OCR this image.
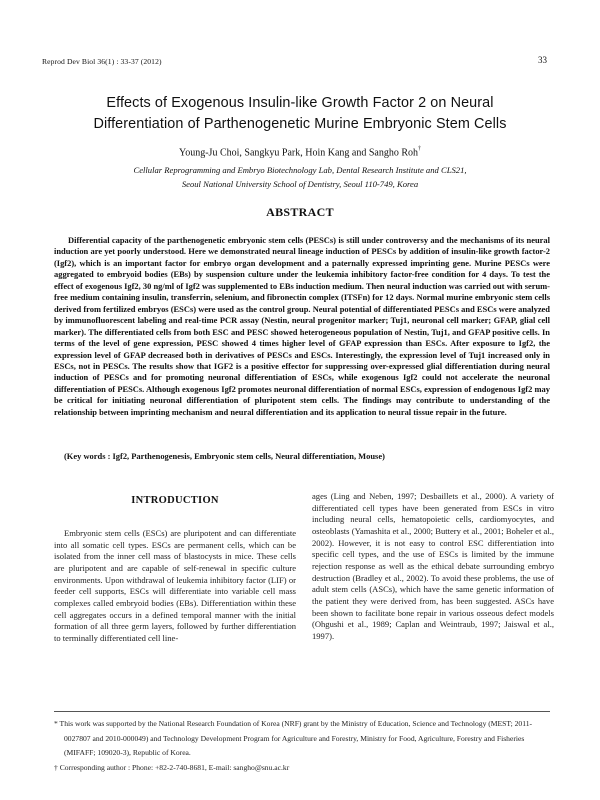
Reprod Dev Biol 36(1) : 33-37 (2012)	33
Effects of Exogenous Insulin-like Growth Factor 2 on Neural
Differentiation of Parthenogenetic Murine Embryonic Stem Cells
Young-Ju Choi, Sangkyu Park, Hoin Kang and Sangho Roh†
Cellular Reprogramming and Embryo Biotechnology Lab, Dental Research Institute and CLS21,
Seoul National University School of Dentistry, Seoul 110-749, Korea
ABSTRACT
Differential capacity of the parthenogenetic embryonic stem cells (PESCs) is still under controversy and the mechanisms of its neural induction are yet poorly understood. Here we demonstrated neural lineage induction of PESCs by addition of insulin-like growth factor-2 (Igf2), which is an important factor for embryo organ development and a paternally expressed imprinting gene. Murine PESCs were aggregated to embryoid bodies (EBs) by suspension culture under the leukemia inhibitory factor-free condition for 4 days. To test the effect of exogenous Igf2, 30 ng/ml of Igf2 was supplemented to EBs induction medium. Then neural induction was carried out with serum-free medium containing insulin, transferrin, selenium, and fibronectin complex (ITSFn) for 12 days. Normal murine embryonic stem cells derived from fertilized embryos (ESCs) were used as the control group. Neural potential of differentiated PESCs and ESCs were analyzed by immunofluorescent labeling and real-time PCR assay (Nestin, neural progenitor marker; Tuj1, neuronal cell marker; GFAP, glial cell marker). The differentiated cells from both ESC and PESC showed heterogeneous population of Nestin, Tuj1, and GFAP positive cells. In terms of the level of gene expression, PESC showed 4 times higher level of GFAP expression than ESCs. After exposure to Igf2, the expression level of GFAP decreased both in derivatives of PESCs and ESCs. Interestingly, the expression level of Tuj1 increased only in ESCs, not in PESCs. The results show that IGF2 is a positive effector for suppressing over-expressed glial differentiation during neural induction of PESCs and for promoting neuronal differentiation of ESCs, while exogenous Igf2 could not accelerate the neuronal differentiation of PESCs. Although exogenous Igf2 promotes neuronal differentiation of normal ESCs, expression of endogenous Igf2 may be critical for initiating neuronal differentiation of pluripotent stem cells. The findings may contribute to understanding of the relationship between imprinting mechanism and neural differentiation and its application to neural tissue repair in the future.
(Key words : Igf2, Parthenogenesis, Embryonic stem cells, Neural differentiation, Mouse)
INTRODUCTION
Embryonic stem cells (ESCs) are pluripotent and can differentiate into all somatic cell types. ESCs are permanent cells, which can be isolated from the inner cell mass of blastocysts in mice. These cells are pluripotent and are capable of self-renewal in specific culture environments. Upon withdrawal of leukemia inhibitory factor (LIF) or feeder cell supports, ESCs will differentiate into variable cell mass complexes called embryoid bodies (EBs). Differentiation within these cell aggregates occurs in a defined temporal manner with the initial formation of all three germ layers, followed by further differentiation to terminally differentiated cell line-
ages (Ling and Neben, 1997; Desbaillets et al., 2000). A variety of differentiated cell types have been generated from ESCs in vitro including neural cells, hematopoietic cells, cardiomyocytes, and osteoblasts (Yamashita et al., 2000; Buttery et al., 2001; Boheler et al., 2002). However, it is not easy to control ESC differentiation into specific cell types, and the use of ESCs is limited by the immune rejection response as well as the ethical debate surrounding embryo destruction (Bradley et al., 2002). To avoid these problems, the use of adult stem cells (ASCs), which have the same genetic information of the patient they were derived from, has been suggested. ASCs have been shown to facilitate bone repair in various osseous defect models (Ohgushi et al., 1989; Caplan and Weintraub, 1997; Jaiswal et al., 1997).
* This work was supported by the National Research Foundation of Korea (NRF) grant by the Ministry of Education, Science and Technology (MEST; 2011-0027807 and 2010-000049) and Technology Development Program for Agriculture and Forestry, Ministry for Food, Agriculture, Forestry and Fisheries (MIFAFF; 109020-3), Republic of Korea.
† Corresponding author : Phone: +82-2-740-8681, E-mail: sangho@snu.ac.kr
